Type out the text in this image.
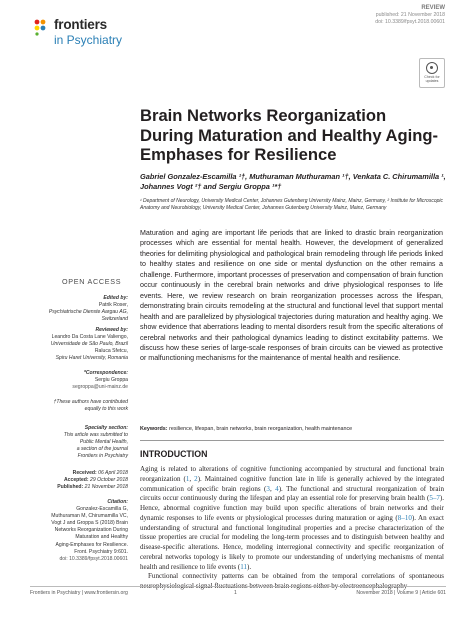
frontiers
in Psychiatry
REVIEW
published: 21 November 2018
doi: 10.3389/fpsyt.2018.00601
Check for updates
Brain Networks Reorganization During Maturation and Healthy Aging-Emphases for Resilience
Gabriel Gonzalez-Escamilla ¹†, Muthuraman Muthuraman ¹†, Venkata C. Chirumamilla ¹, Johannes Vogt ²† and Sergiu Groppa ¹*†
¹ Department of Neurology, University Medical Center, Johannes Gutenberg University Mainz, Mainz, Germany, ² Institute for Microscopic Anatomy and Neurobiology, University Medical Center, Johannes Gutenberg University Mainz, Mainz, Germany
Maturation and aging are important life periods that are linked to drastic brain reorganization processes which are essential for mental health. However, the development of generalized theories for delimiting physiological and pathological brain remodeling through life periods linked to healthy states and resilience on one side or mental dysfunction on the other remains a challenge. Furthermore, important processes of preservation and compensation of brain function occur continuously in the cerebral brain networks and drive physiological responses to life events. Here, we review research on brain reorganization processes across the lifespan, demonstrating brain circuits remodeling at the structural and functional level that support mental health and are parallelized by physiological trajectories during maturation and healthy aging. We show evidence that aberrations leading to mental disorders result from the specific alterations of cerebral networks and their pathological dynamics leading to distinct excitability patterns. We discuss how these series of large-scale responses of brain circuits can be viewed as protective or malfunctioning mechanisms for the maintenance of mental health and resilience.
Keywords: resilience, lifespan, brain networks, brain reorganization, health maintenance
OPEN ACCESS
Edited by:
Patrik Roser,
Psychiatrische Dienste Aargau AG,
Switzerland
Reviewed by:
Leandro Da Costa Lane Valiengo,
Universidade de São Paulo, Brazil
Raluca Sfetcu,
Spiru Haret University, Romania
*Correspondence:
Sergiu Groppa
segroppa@uni-mainz.de
†These authors have contributed
equally to this work
Specialty section:
This article was submitted to
Public Mental Health,
a section of the journal
Frontiers in Psychiatry
Received: 06 April 2018
Accepted: 29 October 2018
Published: 21 November 2018
Citation:
Gonzalez-Escamilla G,
Muthuraman M, Chirumamilla VC,
Vogt J and Groppa S (2018) Brain
Networks Reorganization During
Maturation and Healthy
Aging-Emphases for Resilience.
Front. Psychiatry 9:601.
doi: 10.3389/fpsyt.2018.00601
INTRODUCTION

Aging is related to alterations of cognitive functioning accompanied by structural and functional brain reorganization (1, 2). Maintained cognitive function late in life is generally achieved by the integrated communication of specific brain regions (3, 4). The functional and structural reorganization of brain circuits occur continuously during the lifespan and play an essential role for preserving brain health (5–7). Hence, abnormal cognitive function may build upon specific alterations of brain networks and their dynamic responses to life events or physiological processes during maturation or aging (8–10). An exact understanding of structural and functional longitudinal properties and a precise characterization of the tissue properties are crucial for modeling the long-term processes and to distinguish between healthy and disease-specific alterations. Hence, modeling interregional connectivity and specific reorganization of cerebral networks topology is likely to promote our understanding of underlying mechanisms of mental health and resilience to life events (11).

Functional connectivity patterns can be obtained from the temporal correlations of spontaneous neurophysiological signal fluctuations between brain regions either by electroencephalography

Frontiers in Psychiatry | www.frontiersin.org	1	November 2018 | Volume 9 | Article 601
